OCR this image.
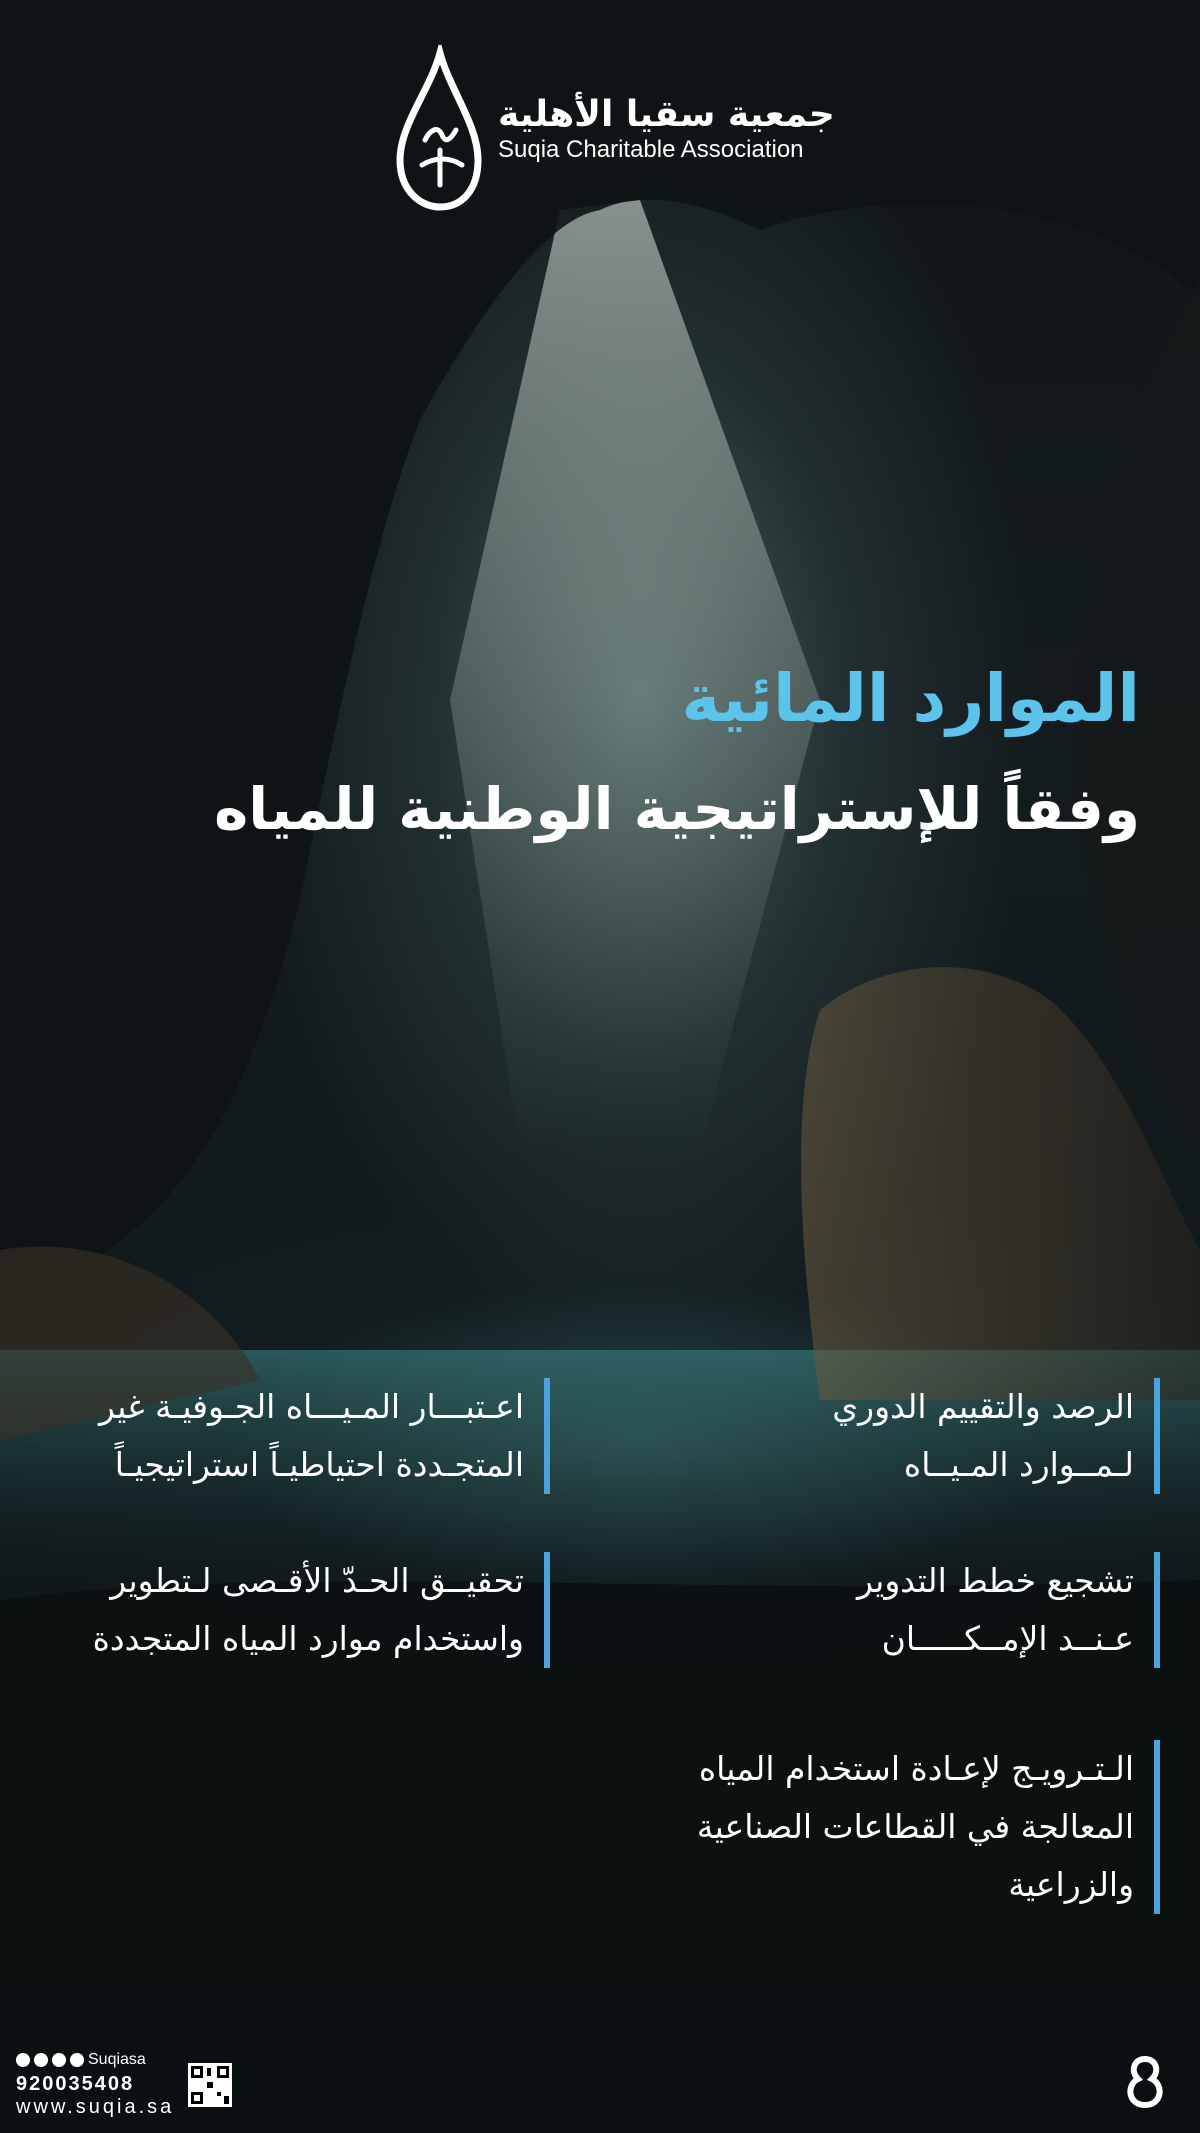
جمعية سقيا الأهلية
Suqia Charitable Association
الموارد المائية
وفقاً للإستراتيجية الوطنية للمياه
الرصد والتقييم الدوري
لـمــوارد المـيــاه
اعـتبـــار المـيـــاه الجـوفيـة غير
المتجـددة احتياطيـاً استراتيجيـاً
تشجيع خطط التدوير
عـنــد الإمــكـــــان
تحقيــق الحـدّ الأقـصى لـتطوير
واستخدام موارد المياه المتجددة
الـتـرويـج لإعـادة استخدام المياه
المعالجة في القطاعات الصناعية
والزراعية
Suqiasa
920035408
www.suqia.sa
